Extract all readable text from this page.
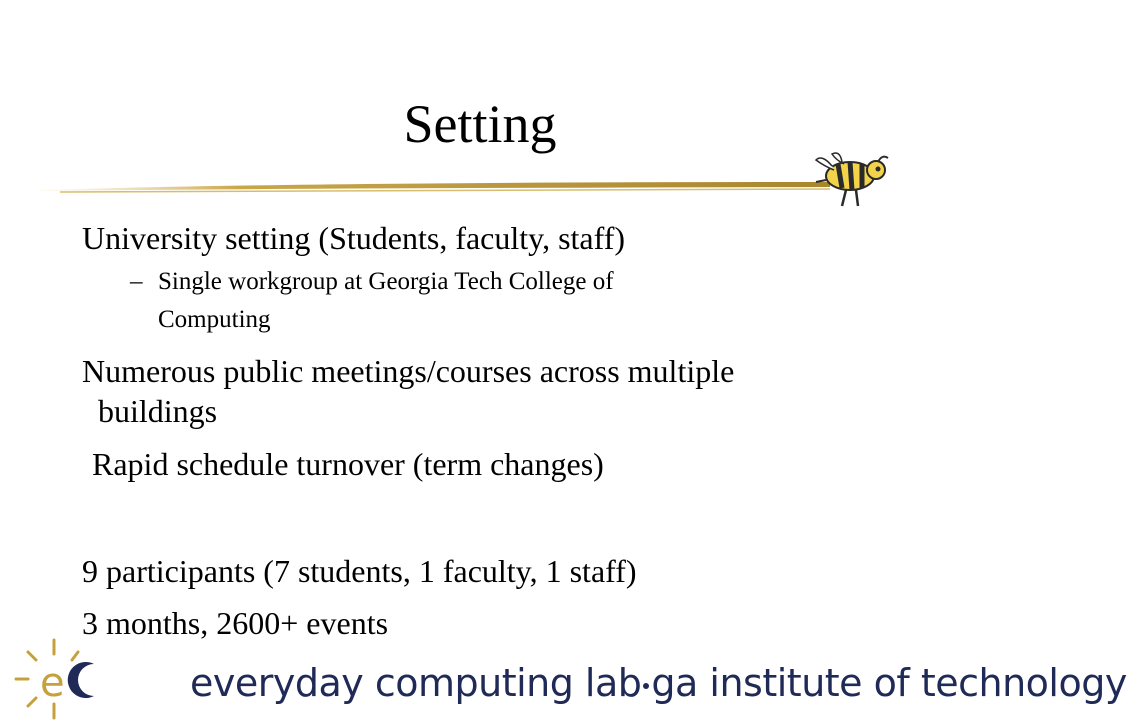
Setting
University setting (Students, faculty, staff)
– Single workgroup at Georgia Tech College of
Computing
Numerous public meetings/courses across multiple
buildings
Rapid schedule turnover (term changes)
9 participants (7 students, 1 faculty, 1 staff)
3 months, 2600+ events
e	everyday computing lab ga institute of technology
